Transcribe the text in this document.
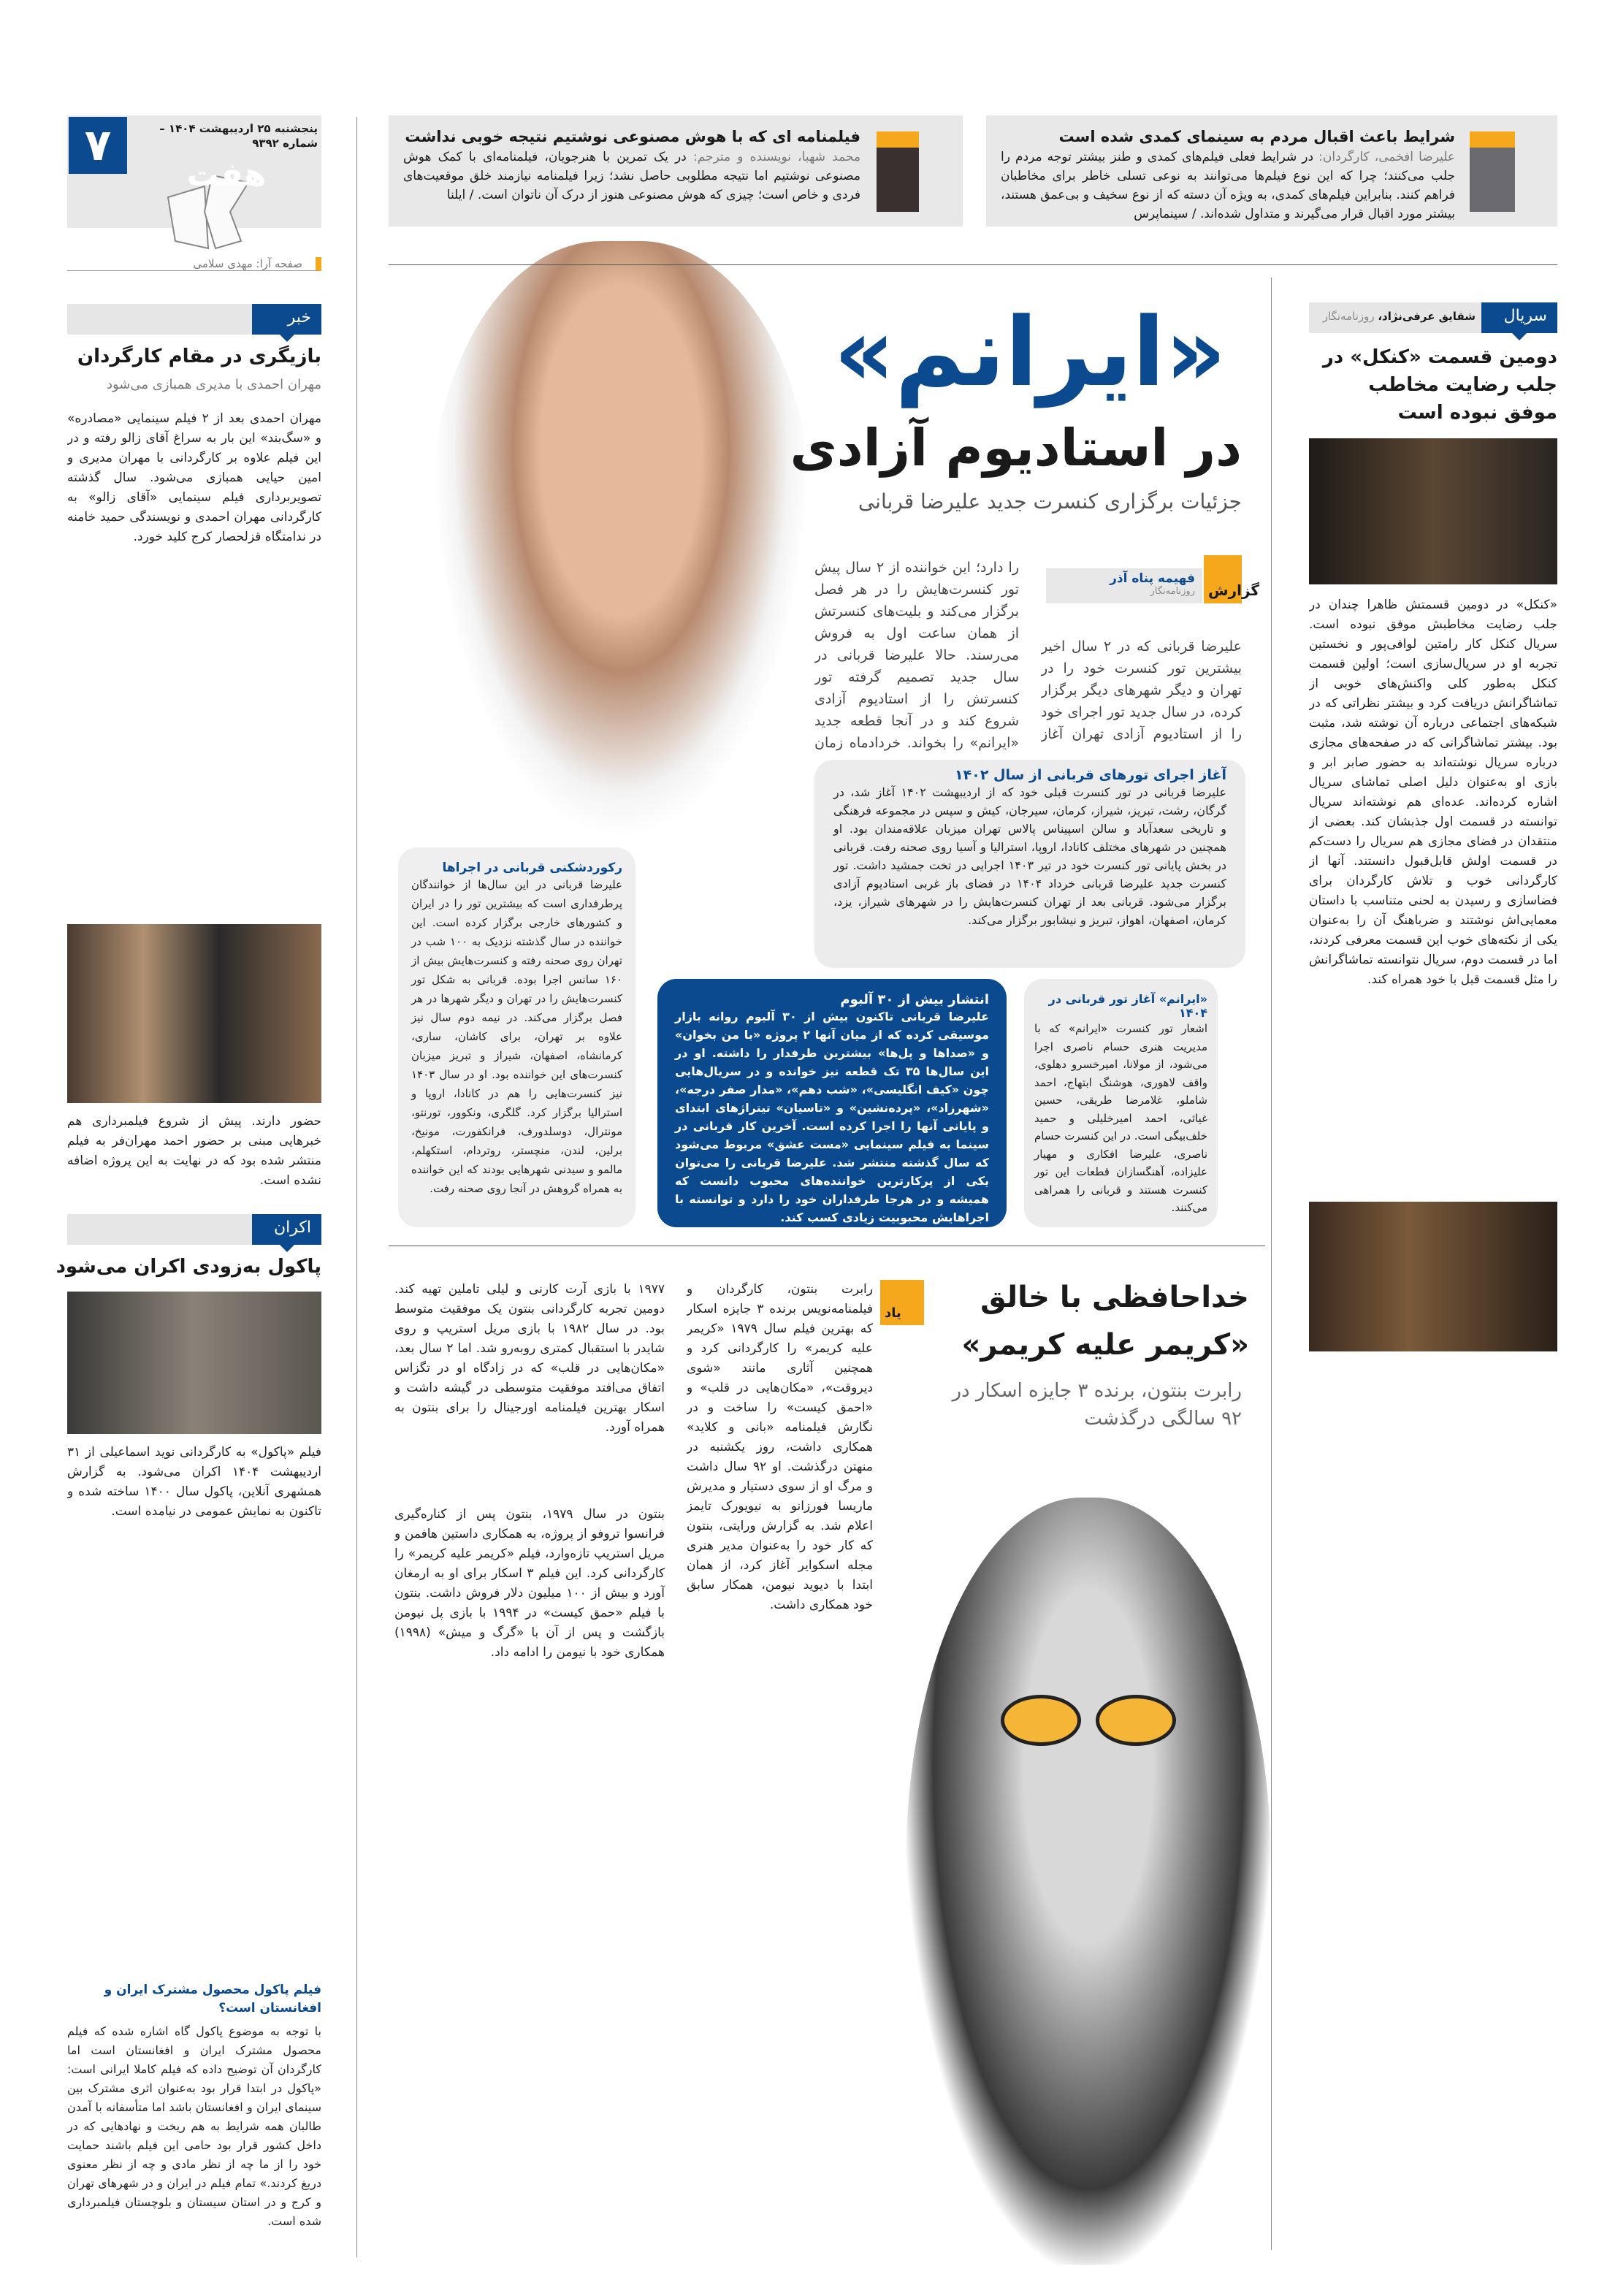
۷	پنجشنبه ۲۵ اردیبهشت ۱۴۰۴ – شماره ۹۳۹۲
هفت
صفحه آرا: مهدی سلامی
شرایط باعث اقبال مردم به سینمای کمدی شده است
علیرضا افخمی، کارگردان: در شرایط فعلی فیلم‌های کمدی و طنز بیشتر توجه مردم را جلب می‌کنند؛ چرا که این نوع فیلم‌ها می‌توانند به نوعی تسلی خاطر برای مخاطبان فراهم کنند. بنابراین فیلم‌های کمدی، به ویژه آن دسته که از نوع سخیف و بی‌عمق هستند، بیشتر مورد اقبال قرار می‌گیرند و متداول شده‌اند. / سینماپرس
فیلمنامه ای که با هوش مصنوعی نوشتیم نتیجه خوبی نداشت
محمد شهبا، نویسنده و مترجم: در یک تمرین با هنرجویان، فیلمنامه‌ای با کمک هوش مصنوعی نوشتیم اما نتیجه مطلوبی حاصل نشد؛ زیرا فیلمنامه نیازمند خلق موقعیت‌های فردی و خاص است؛ چیزی که هوش مصنوعی هنوز از درک آن ناتوان است. / ایلنا
«ایرانم»
در استادیوم آزادی
جزئیات برگزاری کنسرت جدید علیرضا قربانی
گزارش
فهیمه پناه آذر
روزنامه‌نگار
علیرضا قربانی که در ۲ سال اخیر بیشترین تور کنسرت خود را در تهران و دیگر شهرهای دیگر برگزار کرده، در سال جدید تور اجرای خود را از استادیوم آزادی تهران آغاز
را دارد؛ این خواننده از ۲ سال پیش تور کنسرت‌هایش را در هر فصل برگزار می‌کند و بلیت‌های کنسرتش از همان ساعت اول به فروش می‌رسند. حالا علیرضا قربانی در سال جدید تصمیم گرفته تور کنسرتش را از استادیوم آزادی شروع کند و در آنجا قطعه جدید «ایرانم» را بخواند. خردادماه زمان
آغاز اجرای تورهای قربانی از سال ۱۴۰۲
علیرضا قربانی در تور کنسرت قبلی خود که از اردیبهشت ۱۴۰۲ آغاز شد، در گرگان، رشت، تبریز، شیراز، کرمان، سیرجان، کیش و سپس در مجموعه فرهنگی و تاریخی سعدآباد و سالن اسپیناس پالاس تهران میزبان علاقه‌مندان بود. او همچنین در شهرهای مختلف کانادا، اروپا، استرالیا و آسیا روی صحنه رفت. قربانی در بخش پایانی تور کنسرت خود در تیر ۱۴۰۳ اجرایی در تخت جمشید داشت. تور کنسرت جدید علیرضا قربانی خرداد ۱۴۰۴ در فضای باز غربی استادیوم آزادی برگزار می‌شود. قربانی بعد از تهران کنسرت‌هایش را در شهرهای شیراز، یزد، کرمان، اصفهان، اهواز، تبریز و نیشابور برگزار می‌کند.
انتشار بیش از ۳۰ آلبوم
علیرضا قربانی تاکنون بیش از ۳۰ آلبوم روانه بازار موسیقی کرده که از میان آنها ۲ پروژه «با من بخوان» و «صداها و پل‌ها» بیشترین طرفدار را داشته. او در این سال‌ها ۳۵ تک قطعه نیز خوانده و در سریال‌هایی چون «کیف انگلیسی»، «شب دهم»، «مدار صفر درجه»، «شهرزاد»، «پرده‌نشین» و «تاسیان» تیتراژهای ابتدای و پایانی آنها را اجرا کرده است. آخرین کار قربانی در سینما به فیلم سینمایی «مست عشق» مربوط می‌شود که سال گذشته منتشر شد. علیرضا قربانی را می‌توان یکی از پرکارترین خواننده‌های محبوب دانست که همیشه و در هرجا طرفداران خود را دارد و توانسته با اجراهایش محبوبیت زیادی کسب کند.
«ایرانم» آغاز تور قربانی در ۱۴۰۴
اشعار تور کنسرت «ایرانم» که با مدیریت هنری حسام ناصری اجرا می‌شود، از مولانا، امیرخسرو دهلوی، واقف لاهوری، هوشنگ ابتهاج، احمد شاملو، غلامرضا طریقی، حسین غیاثی، احمد امیرخلیلی و حمید خلف‌بیگی است. در این کنسرت حسام ناصری، علیرضا افکاری و مهیار علیزاده، آهنگسازان قطعات این تور کنسرت هستند و قربانی را همراهی می‌کنند.
رکوردشکنی قربانی در اجراها
علیرضا قربانی در این سال‌ها از خوانندگان پرطرفداری است که بیشترین تور را در ایران و کشورهای خارجی برگزار کرده است. این خواننده در سال گذشته نزدیک به ۱۰۰ شب در تهران روی صحنه رفته و کنسرت‌هایش بیش از ۱۶۰ سانس اجرا بوده. قربانی به شکل تور کنسرت‌هایش را در تهران و دیگر شهرها در هر فصل برگزار می‌کند. در نیمه دوم سال نیز علاوه بر تهران، برای کاشان، ساری، کرمانشاه، اصفهان، شیراز و تبریز میزبان کنسرت‌های این خواننده بود. او در سال ۱۴۰۳ نیز کنسرت‌هایی را هم در کانادا، اروپا و استرالیا برگزار کرد. گلگری، ونکوور، تورنتو، مونترال، دوسلدورف، فرانکفورت، مونیخ، برلین، لندن، منچستر، روتردام، استکهلم، مالمو و سیدنی شهرهایی بودند که این خواننده به همراه گروهش در آنجا روی صحنه رفت.
سریال
شقایق عرفی‌نژاد، روزنامه‌نگار
دومین قسمت «کنکل» در جلب رضایت مخاطب موفق نبوده است
«کنکل» در دومین قسمتش ظاهرا چندان در جلب رضایت مخاطبش موفق نبوده است. سریال کنکل کار رامتین لوافی‌پور و نخستین تجربه او در سریال‌سازی است؛ اولین قسمت کنکل به‌طور کلی واکنش‌های خوبی از تماشاگرانش دریافت کرد و بیشتر نظراتی که در شبکه‌های اجتماعی درباره آن نوشته شد، مثبت بود. بیشتر تماشاگرانی که در صفحه‌های مجازی درباره سریال نوشته‌اند به حضور صابر ابر و بازی او به‌عنوان دلیل اصلی تماشای سریال اشاره کرده‌اند. عده‌ای هم نوشته‌اند سریال توانسته در قسمت اول جذبشان کند. بعضی از منتقدان در فضای مجازی هم سریال را دست‌کم در قسمت اولش قابل‌قبول دانستند. آنها از کارگردانی خوب و تلاش کارگردان برای فضاسازی و رسیدن به لحنی متناسب با داستان معمایی‌اش نوشتند و ضرباهنگ آن را به‌عنوان یکی از نکته‌های خوب این قسمت معرفی کردند، اما در قسمت دوم، سریال نتوانسته تماشاگرانش را مثل قسمت قبل با خود همراه کند.
خبر
بازیگری در مقام کارگردان
مهران احمدی با مدیری همبازی می‌شود
مهران احمدی بعد از ۲ فیلم سینمایی «مصادره» و «سگ‌بند» این بار به سراغ آقای زالو رفته و در این فیلم علاوه بر کارگردانی با مهران مدیری و امین حیایی همبازی می‌شود. سال گذشته تصویربرداری فیلم سینمایی «آقای زالو» به کارگردانی مهران احمدی و نویسندگی حمید خامنه در ندامتگاه قزلحصار کرج کلید خورد.
حضور دارند. پیش از شروع فیلمبرداری هم خبرهایی مبنی بر حضور احمد مهران‌فر به فیلم منتشر شده بود که در نهایت به این پروژه اضافه نشده است.
اکران
پاکول به‌زودی اکران می‌شود
فیلم «پاکول» به کارگردانی نوید اسماعیلی از ۳۱ اردیبهشت ۱۴۰۴ اکران می‌شود. به گزارش همشهری آنلاین، پاکول سال ۱۴۰۰ ساخته شده و تاکنون به نمایش عمومی در نیامده است.
فیلم پاکول محصول مشترک ایران و افغانستان است؟
با توجه به موضوع پاکول گاه اشاره شده که فیلم محصول مشترک ایران و افغانستان است اما کارگردان آن توضیح داده که فیلم کاملا ایرانی است: «پاکول در ابتدا قرار بود به‌عنوان اثری مشترک بین سینمای ایران و افغانستان باشد اما متأسفانه با آمدن طالبان همه شرایط به هم ریخت و نهادهایی که در داخل کشور قرار بود حامی این فیلم باشند حمایت خود را از ما چه از نظر مادی و چه از نظر معنوی دریغ کردند.» تمام فیلم در ایران و در شهرهای تهران و کرج و در استان سیستان و بلوچستان فیلمبرداری شده است.
خداحافظی با خالق
«کریمر علیه کریمر»
رابرت بنتون، برنده ۳ جایزه اسکار در ۹۲ سالگی درگذشت
یاد
رابرت بنتون، کارگردان و فیلمنامه‌نویس برنده ۳ جایزه اسکار که بهترین فیلم سال ۱۹۷۹ «کریمر علیه کریمر» را کارگردانی کرد و همچنین آثاری مانند «شوی دیروقت»، «مکان‌هایی در قلب» و «احمق کیست» را ساخت و در نگارش فیلمنامه «بانی و کلاید» همکاری داشت، روز یکشنبه در منهتن درگذشت. او ۹۲ سال داشت و مرگ او از سوی دستیار و مدیرش ماریسا فورزانو به نیویورک تایمز اعلام شد. به گزارش ورایتی، بنتون که کار خود را به‌عنوان مدیر هنری مجله اسکوایر آغاز کرد، از همان ابتدا با دیوید نیومن، همکار سابق خود همکاری داشت.
بنتون در سال ۱۹۷۹، بنتون پس از کناره‌گیری فرانسوا تروفو از پروژه، به همکاری داستین هافمن و مریل استریپ تازه‌وارد، فیلم «کریمر علیه کریمر» را کارگردانی کرد. این فیلم ۳ اسکار برای او به ارمغان آورد و بیش از ۱۰۰ میلیون دلار فروش داشت. بنتون با فیلم «حمق کیست» در ۱۹۹۴ با بازی پل نیومن بازگشت و پس از آن با «گرگ و میش» (۱۹۹۸) همکاری خود با نیومن را ادامه داد.
۱۹۷۷ با بازی آرت کارنی و لیلی تاملین تهیه کند. دومین تجربه کارگردانی بنتون یک موفقیت متوسط بود. در سال ۱۹۸۲ با بازی مریل استریپ و روی شایدر با استقبال کمتری روبه‌رو شد. اما ۲ سال بعد، «مکان‌هایی در قلب» که در زادگاه او در تگزاس اتفاق می‌افتد موفقیت متوسطی در گیشه داشت و اسکار بهترین فیلمنامه اورجینال را برای بنتون به همراه آورد.
